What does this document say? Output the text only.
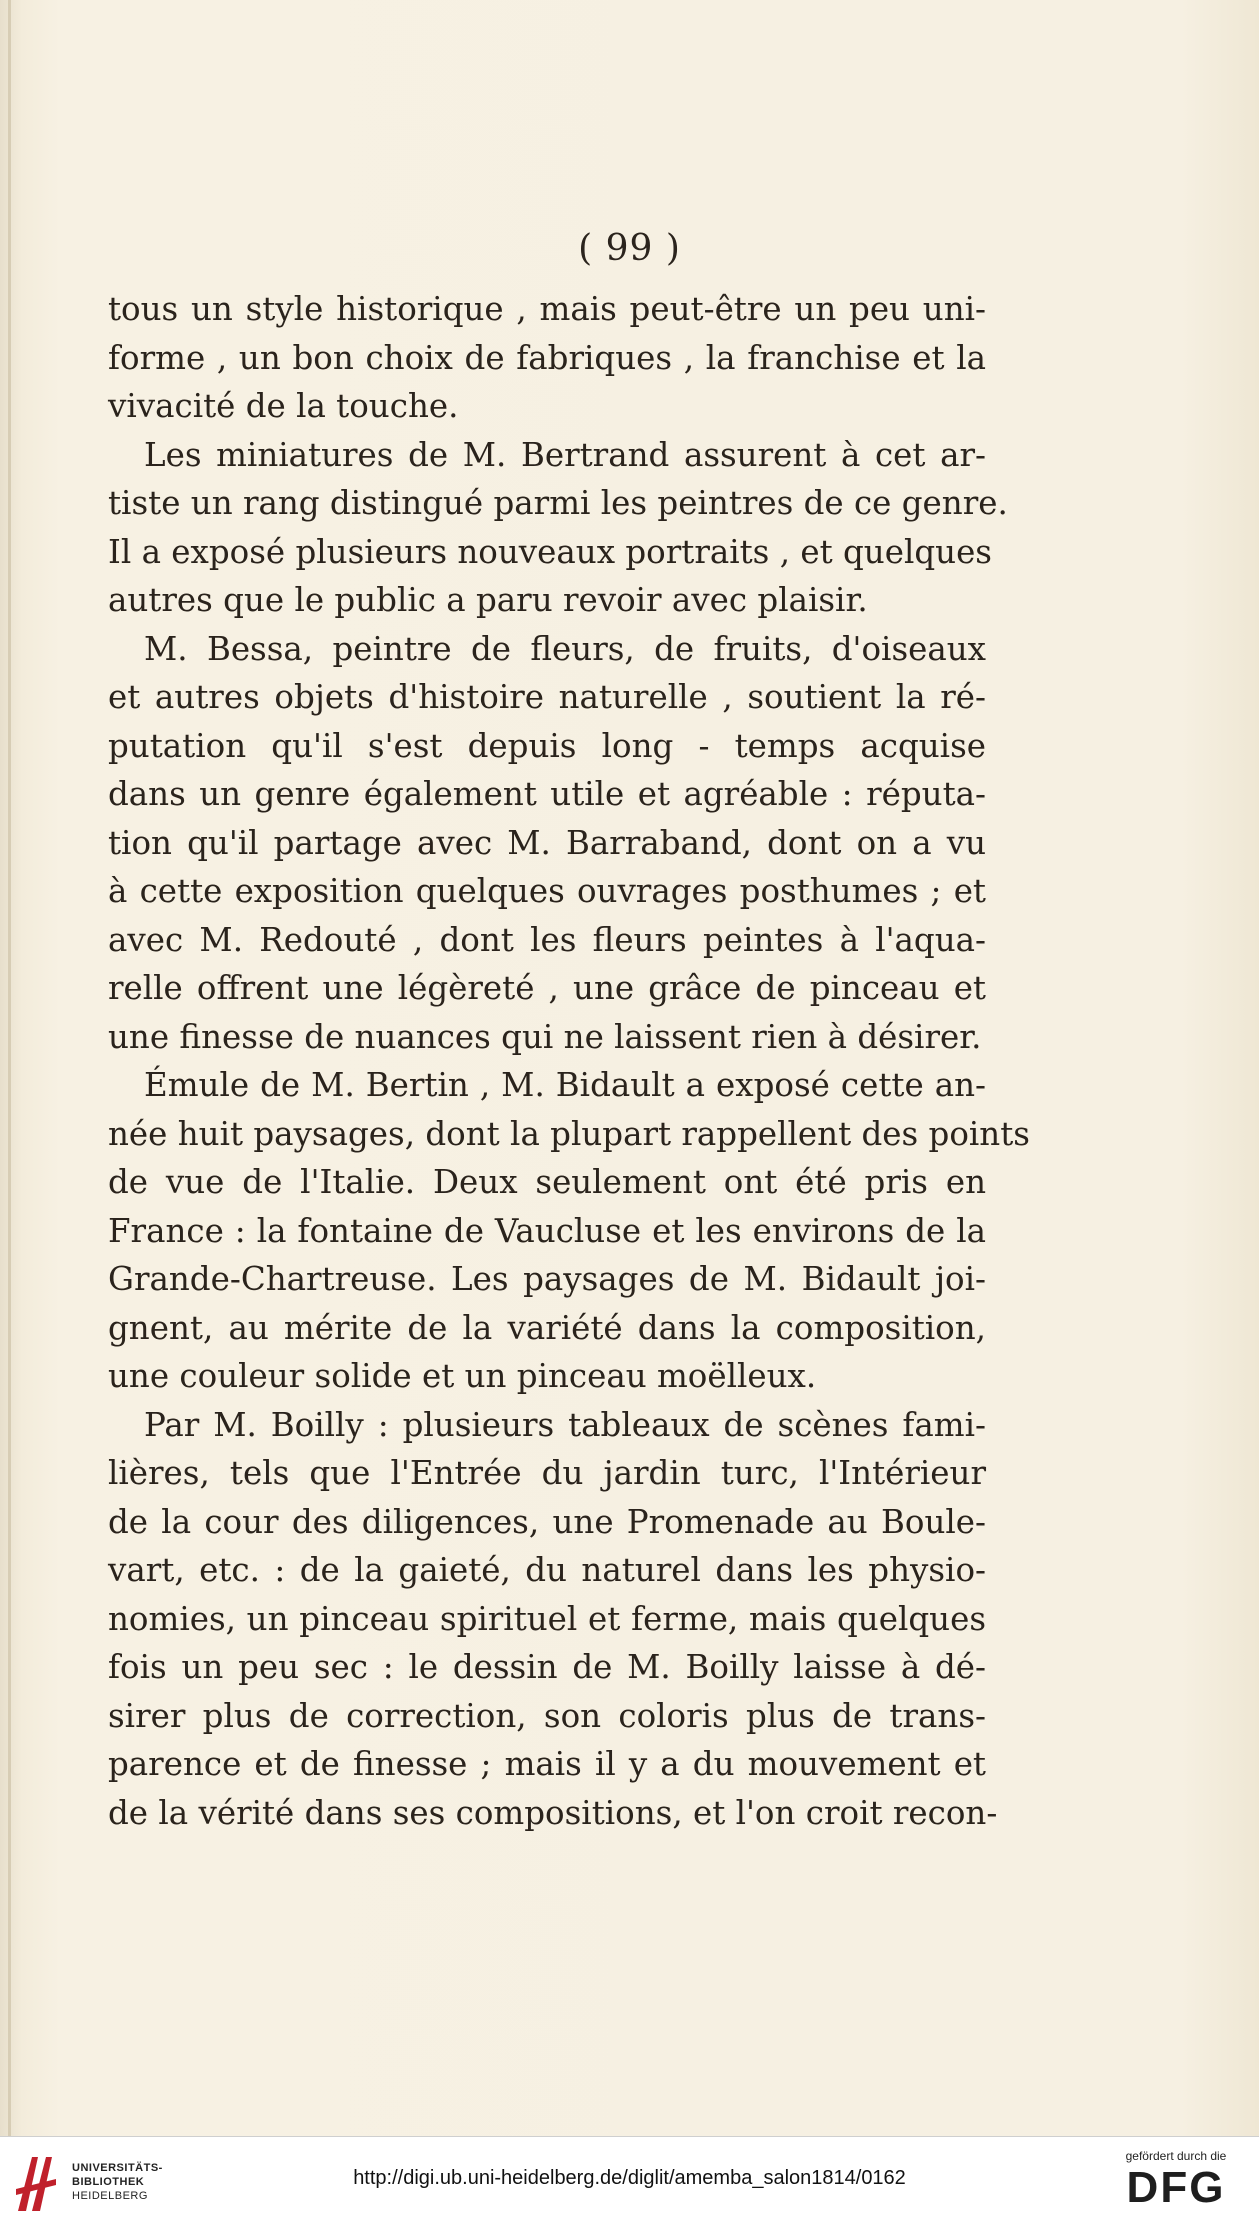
( 99 )
tous un style historique , mais peut-être un peu uni-
forme , un bon choix de fabriques , la franchise et la
vivacité de la touche.
Les miniatures de M. Bertrand assurent à cet ar-
tiste un rang distingué parmi les peintres de ce genre.
Il a exposé plusieurs nouveaux portraits , et quelques
autres que le public a paru revoir avec plaisir.
M. Bessa, peintre de fleurs, de fruits, d'oiseaux
et autres objets d'histoire naturelle , soutient la ré-
putation qu'il s'est depuis long - temps acquise
dans un genre également utile et agréable : réputa-
tion qu'il partage avec M. Barraband, dont on a vu
à cette exposition quelques ouvrages posthumes ; et
avec M. Redouté , dont les fleurs peintes à l'aqua-
relle offrent une légèreté , une grâce de pinceau et
une finesse de nuances qui ne laissent rien à désirer.
Émule de M. Bertin , M. Bidault a exposé cette an-
née huit paysages, dont la plupart rappellent des points
de vue de l'Italie. Deux seulement ont été pris en
France : la fontaine de Vaucluse et les environs de la
Grande-Chartreuse. Les paysages de M. Bidault joi-
gnent, au mérite de la variété dans la composition,
une couleur solide et un pinceau moëlleux.
Par M. Boilly : plusieurs tableaux de scènes fami-
lières, tels que l'Entrée du jardin turc, l'Intérieur
de la cour des diligences, une Promenade au Boule-
vart, etc. : de la gaieté, du naturel dans les physio-
nomies, un pinceau spirituel et ferme, mais quelques
fois un peu sec : le dessin de M. Boilly laisse à dé-
sirer plus de correction, son coloris plus de trans-
parence et de finesse ; mais il y a du mouvement et
de la vérité dans ses compositions, et l'on croit recon-
UNIVERSITÄTS-
BIBLIOTHEK
HEIDELBERG
http://digi.ub.uni-heidelberg.de/diglit/amemba_salon1814/0162
gefördert durch die
DFG
